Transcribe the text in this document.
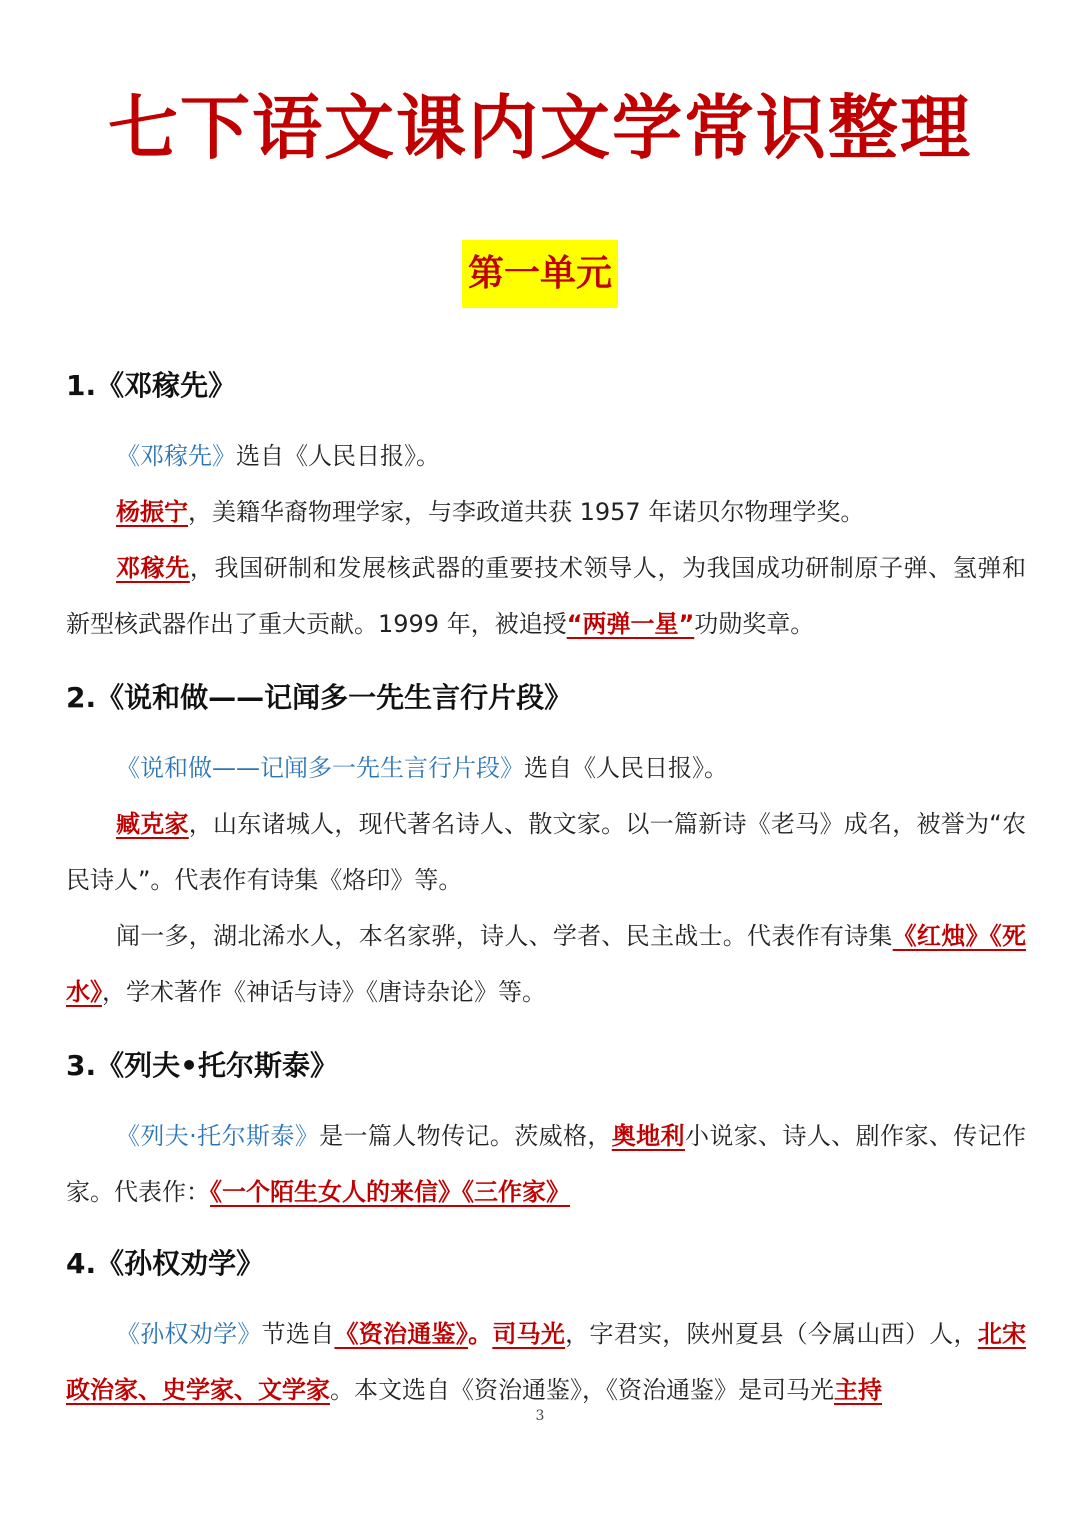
七下语文课内文学常识整理
第一单元
1.《邓稼先》

《邓稼先》选自《人民日报》。

杨振宁，美籍华裔物理学家，与李政道共获 1957 年诺贝尔物理学奖。

邓稼先，我国研制和发展核武器的重要技术领导人，为我国成功研制原子弹、氢弹和新型核武器作出了重大贡献。1999 年，被追授“两弹一星”功勋奖章。

2.《说和做——记闻多一先生言行片段》

《说和做——记闻多一先生言行片段》选自《人民日报》。

臧克家，山东诸城人，现代著名诗人、散文家。以一篇新诗《老马》成名，被誉为“农民诗人”。代表作有诗集《烙印》等。

闻一多，湖北浠水人，本名家骅，诗人、学者、民主战士。代表作有诗集《红烛》《死水》，学术著作《神话与诗》《唐诗杂论》等。

3.《列夫•托尔斯泰》

《列夫·托尔斯泰》是一篇人物传记。茨威格，奥地利小说家、诗人、剧作家、传记作家。代表作：《一个陌生女人的来信》《三作家》

4.《孙权劝学》

《孙权劝学》节选自《资治通鉴》。司马光，字君实，陕州夏县（今属山西）人，北宋政治家、史学家、文学家。本文选自《资治通鉴》，《资治通鉴》是司马光主持

3
